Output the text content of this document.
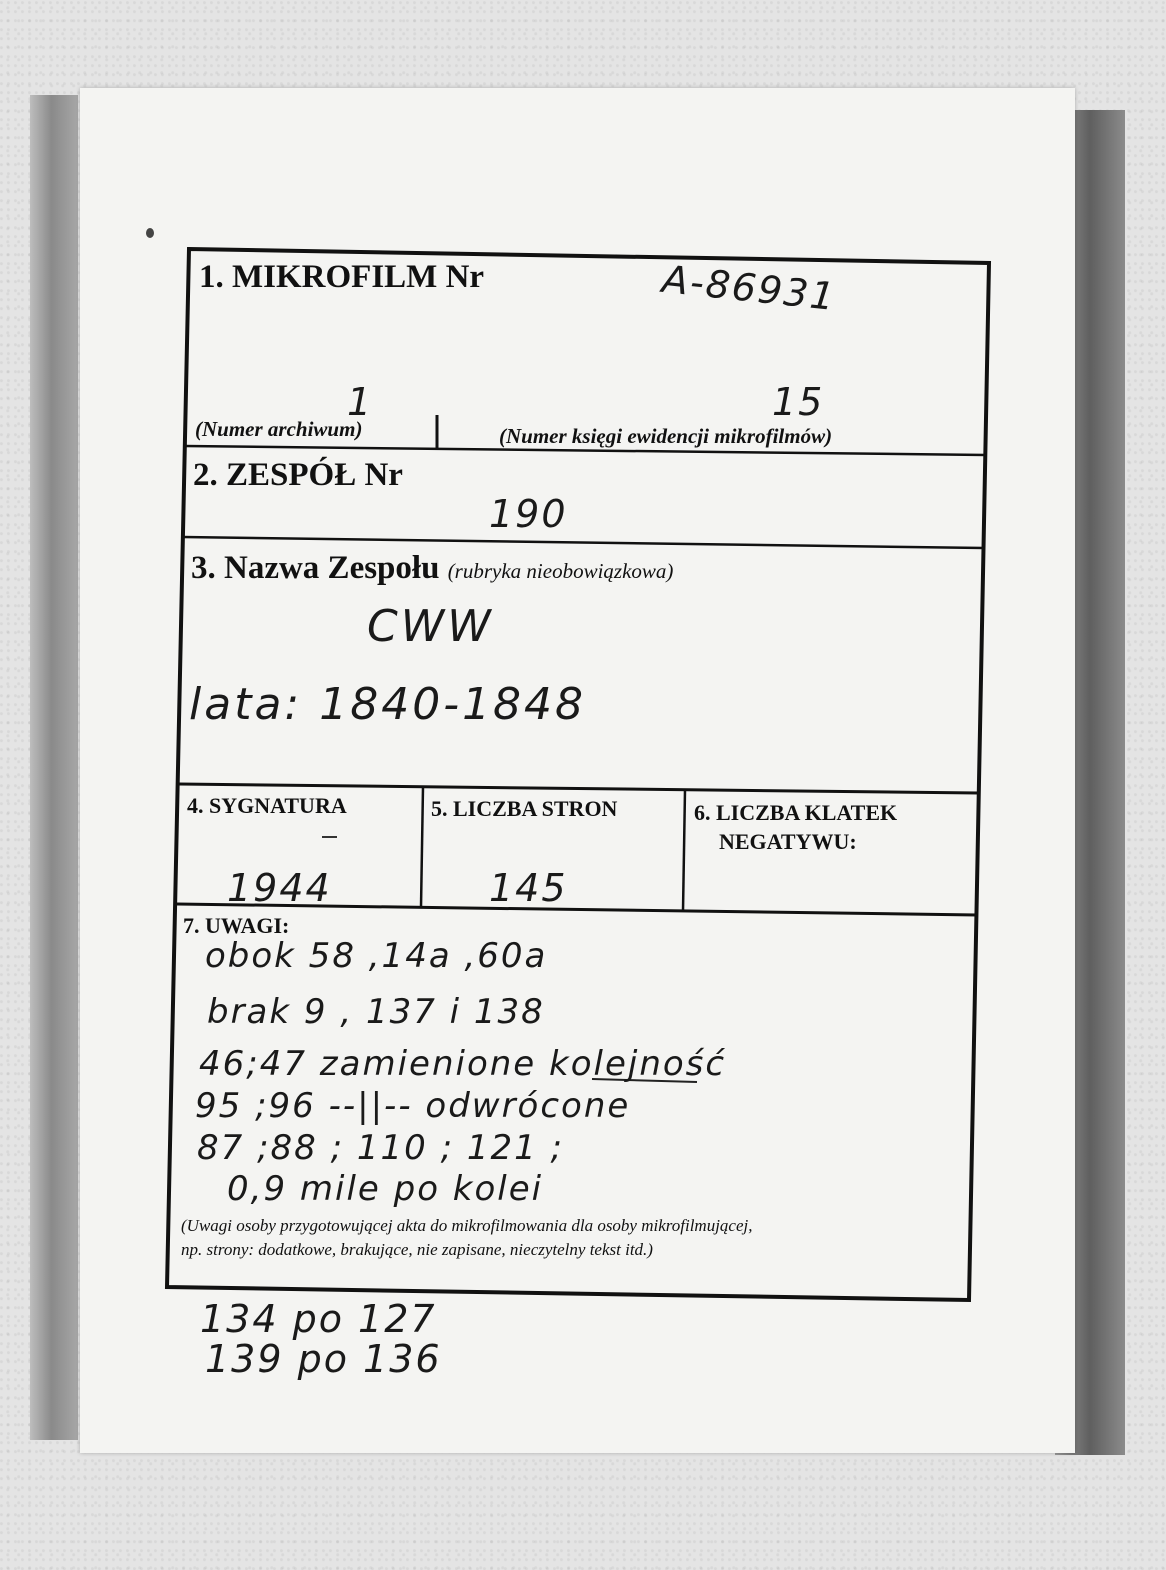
1. MIKROFILM Nr	A-86931
1	15
(Numer archiwum)	(Numer księgi ewidencji mikrofilmów)
2. ZESPÓŁ Nr
190
3. Nazwa Zespołu (rubryka nieobowiązkowa)
CWW
lata: 1840-1848
4. SYGNATURA
1944
5. LICZBA STRON
145
6. LICZBA KLATEK
NEGATYWU:
7. UWAGI:
obok 58 ,14a ,60a
brak 9 , 137 i 138
46;47 zamienione kolejność
95 ;96 --||-- odwrócone
87 ;88 ; 110 ; 121 ;
0,9 mile po kolei
(Uwagi osoby przygotowującej akta do mikrofilmowania dla osoby mikrofilmującej,
np. strony: dodatkowe, brakujące, nie zapisane, nieczytelny tekst itd.)
134 po 127
139 po 136
